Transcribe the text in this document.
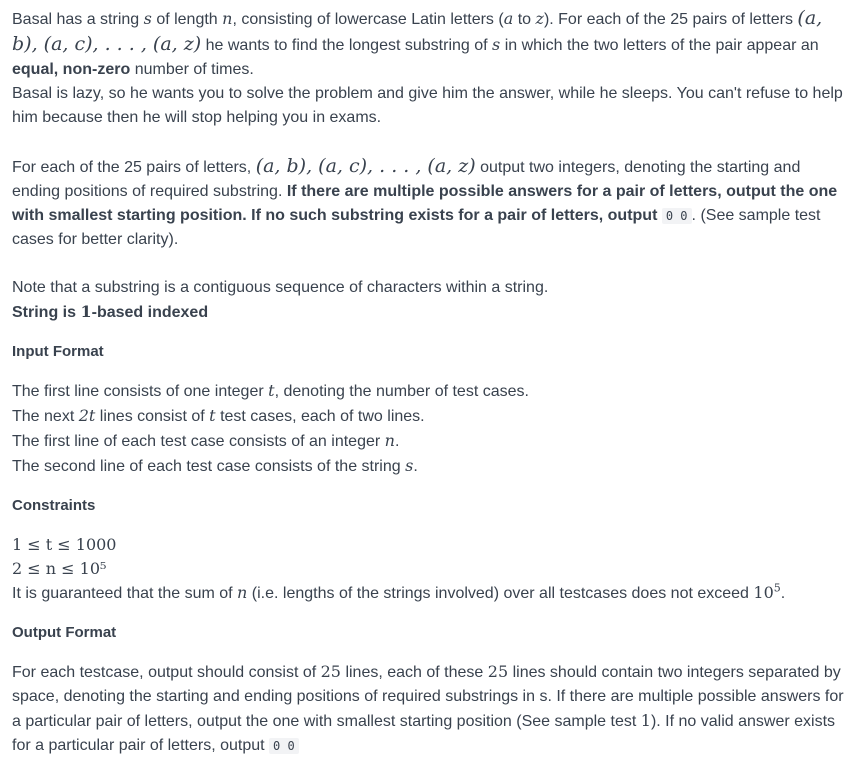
Basal has a string s of length n, consisting of lowercase Latin letters (a to z). For each of the 25 pairs of letters (a, b), (a, c), . . . , (a, z) he wants to find the longest substring of s in which the two letters of the pair appear an equal, non-zero number of times.

Basal is lazy, so he wants you to solve the problem and give him the answer, while he sleeps. You can't refuse to help him because then he will stop helping you in exams.

For each of the 25 pairs of letters, (a, b), (a, c), . . . , (a, z) output two integers, denoting the starting and ending positions of required substring. If there are multiple possible answers for a pair of letters, output the one with smallest starting position. If no such substring exists for a pair of letters, output 0 0 . (See sample test cases for better clarity).

Note that a substring is a contiguous sequence of characters within a string.

String is 1-based indexed

Input Format

The first line consists of one integer t, denoting the number of test cases.

The next 2t lines consist of t test cases, each of two lines.

The first line of each test case consists of an integer n.

The second line of each test case consists of the string s.

Constraints

1 ≤ t ≤ 1000

2 ≤ n ≤ 10⁵

It is guaranteed that the sum of n (i.e. lengths of the strings involved) over all testcases does not exceed $10^5$.

Output Format

For each testcase, output should consist of 25 lines, each of these 25 lines should contain two integers separated by space, denoting the starting and ending positions of required substrings in s. If there are multiple possible answers for a particular pair of letters, output the one with smallest starting position (See sample test 1). If no valid answer exists for a particular pair of letters, output 0 0
